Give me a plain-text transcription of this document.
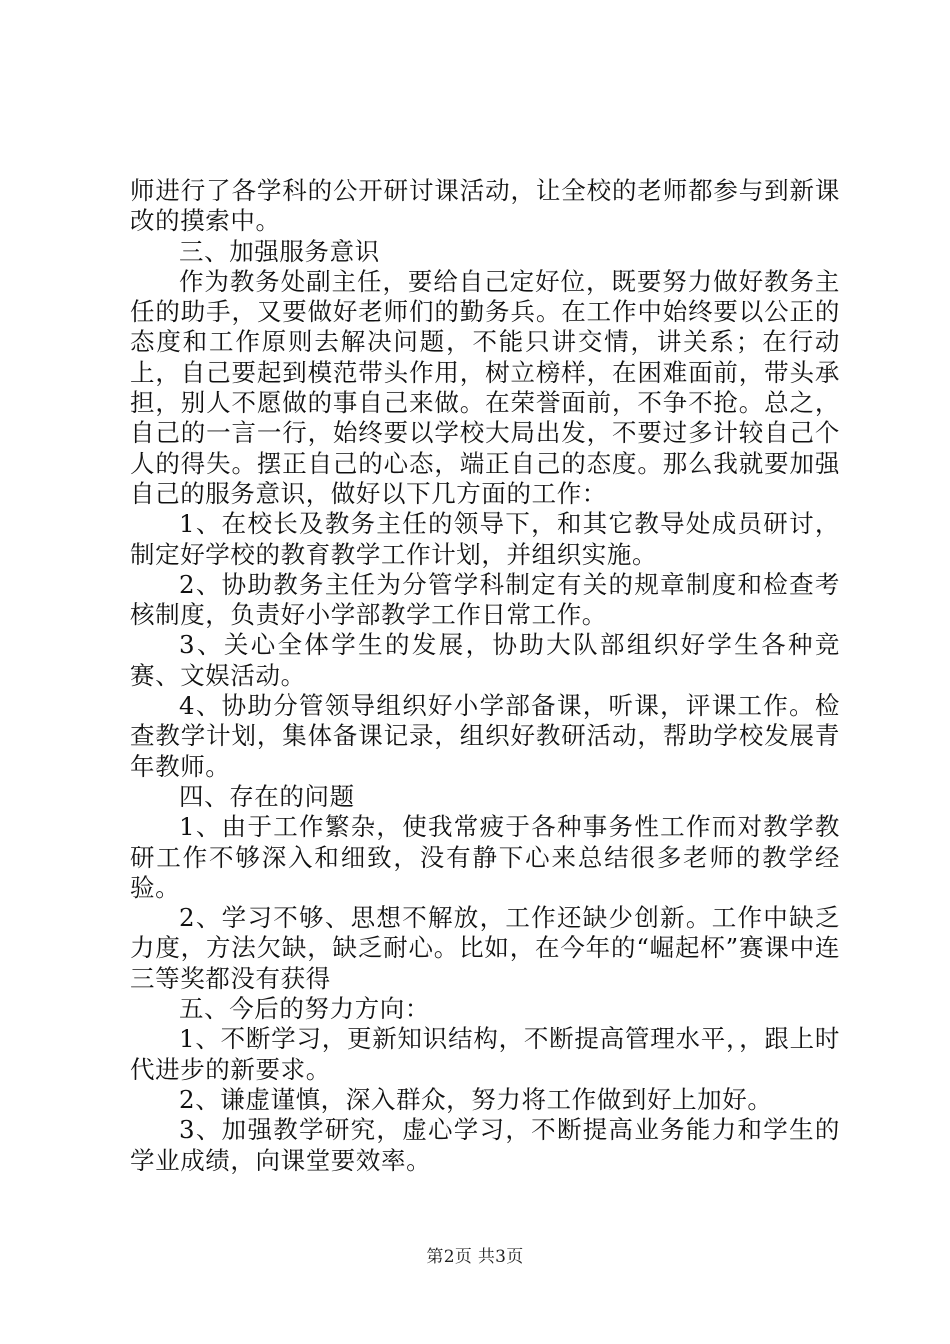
师进行了各学科的公开研讨课活动，让全校的老师都参与到新课改的摸索中。

三、加强服务意识

作为教务处副主任，要给自己定好位，既要努力做好教务主任的助手，又要做好老师们的勤务兵。在工作中始终要以公正的态度和工作原则去解决问题，不能只讲交情，讲关系；在行动上，自己要起到模范带头作用，树立榜样，在困难面前，带头承担，别人不愿做的事自己来做。在荣誉面前，不争不抢。总之，自己的一言一行，始终要以学校大局出发，不要过多计较自己个人的得失。摆正自己的心态，端正自己的态度。那么我就要加强自己的服务意识，做好以下几方面的工作：

1、在校长及教务主任的领导下，和其它教导处成员研讨，制定好学校的教育教学工作计划，并组织实施。

2、协助教务主任为分管学科制定有关的规章制度和检查考核制度，负责好小学部教学工作日常工作。

3、关心全体学生的发展，协助大队部组织好学生各种竞赛、文娱活动。

4、协助分管领导组织好小学部备课，听课，评课工作。检查教学计划，集体备课记录，组织好教研活动，帮助学校发展青年教师。

四、存在的问题

1、由于工作繁杂，使我常疲于各种事务性工作而对教学教研工作不够深入和细致，没有静下心来总结很多老师的教学经验。

2、学习不够、思想不解放，工作还缺少创新。工作中缺乏力度，方法欠缺，缺乏耐心。比如，在今年的“崛起杯”赛课中连三等奖都没有获得

五、今后的努力方向：

1、不断学习，更新知识结构，不断提高管理水平，，跟上时代进步的新要求。

2、谦虚谨慎，深入群众，努力将工作做到好上加好。

3、加强教学研究，虚心学习，不断提高业务能力和学生的学业成绩，向课堂要效率。

第2页 共3页
